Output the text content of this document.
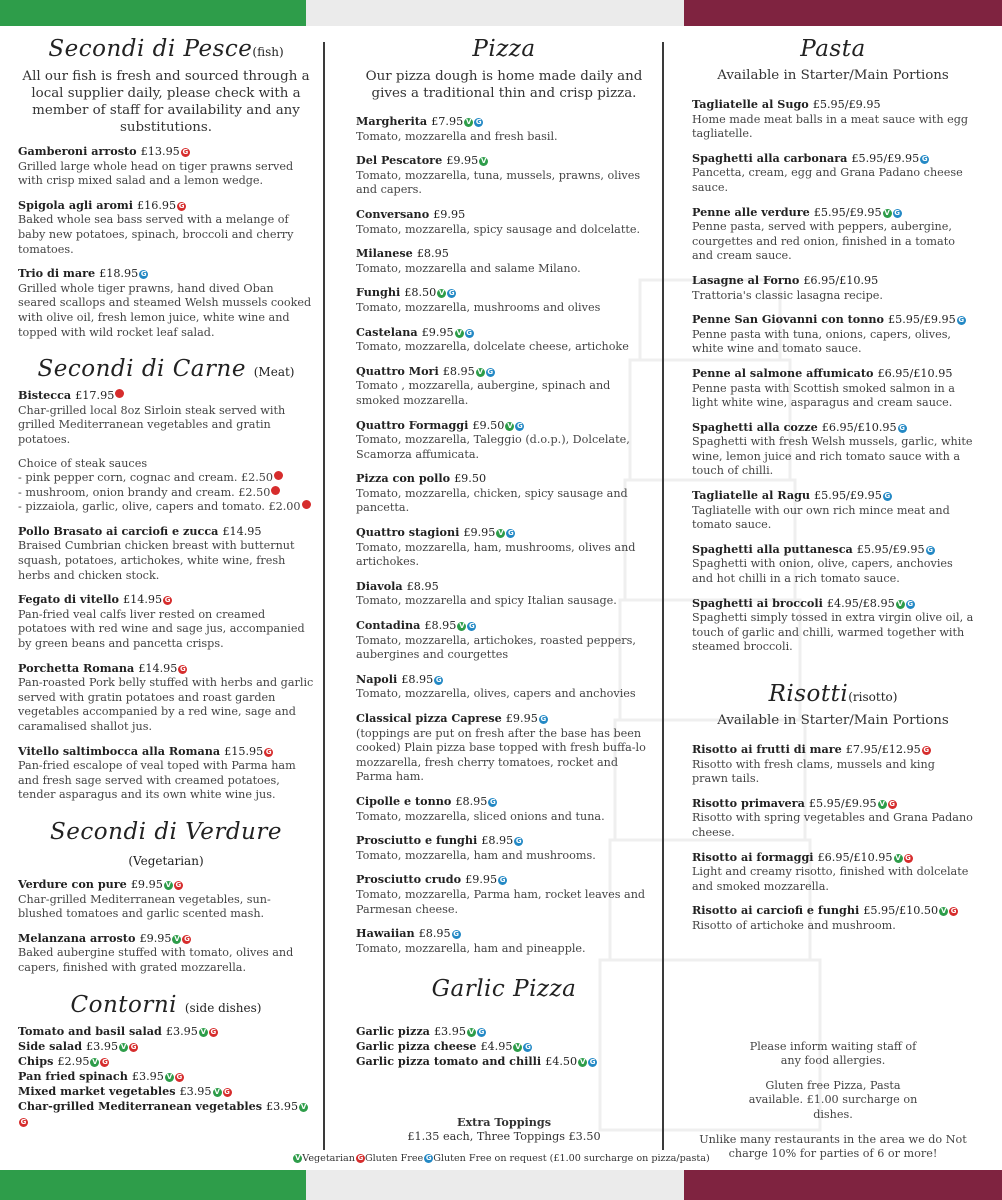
Secondi di Pesce(fish)
All our fish is fresh and sourced through a local supplier daily, please check with a member of staff for availability and any substitutions.
Gamberoni arrosto £13.95 G
Grilled large whole head on tiger prawns served with crisp mixed salad and a lemon wedge.
Spigola agli aromi £16.95 G
Baked whole sea bass served with a melange of baby new potatoes, spinach, broccoli and cherry tomatoes.
Trio di mare £18.95 G
Grilled whole tiger prawns, hand dived Oban seared scallops and steamed Welsh mussels cooked with olive oil, fresh lemon juice, white wine and topped with wild rocket leaf salad.
Secondi di Carne (Meat)
Bistecca £17.95
Char-grilled local 8oz Sirloin steak served with grilled Mediterranean vegetables and gratin potatoes.
Choice of steak sauces
- pink pepper corn, cognac and cream. £2.50
- mushroom, onion brandy and cream. £2.50
- pizzaiola, garlic, olive, capers and tomato. £2.00
Pollo Brasato ai carciofi e zucca £14.95
Braised Cumbrian chicken breast with butternut squash, potatoes, artichokes, white wine, fresh herbs and chicken stock.
Fegato di vitello £14.95 G
Pan-fried veal calfs liver rested on creamed potatoes with red wine and sage jus, accompanied by green beans and pancetta crisps.
Porchetta Romana £14.95 G
Pan-roasted Pork belly stuffed with herbs and garlic served with gratin potatoes and roast garden vegetables accompanied by a red wine, sage and caramalised shallot jus.
Vitello saltimbocca alla Romana £15.95 G
Pan-fried escalope of veal toped with Parma ham and fresh sage served with creamed potatoes, tender asparagus and its own white wine jus.
Secondi di Verdure (Vegetarian)
Verdure con pure £9.95 V G
Char-grilled Mediterranean vegetables, sun-blushed tomatoes and garlic scented mash.
Melanzana arrosto £9.95 V G
Baked aubergine stuffed with tomato, olives and capers, finished with grated mozzarella.
Contorni (side dishes)
Tomato and basil salad £3.95 V G
Side salad £3.95 V G
Chips £2.95 V G
Pan fried spinach £3.95 V G
Mixed market vegetables £3.95 V G
Char-grilled Mediterranean vegetables £3.95 VG
Pizza
Our pizza dough is home made daily and gives a traditional thin and crisp pizza.
Margherita £7.95 V G
Tomato, mozzarella and fresh basil.
Del Pescatore £9.95 V
Tomato, mozzarella, tuna, mussels, prawns, olives and capers.
Conversano £9.95
Tomato, mozzarella, spicy sausage and dolcelatte.
Milanese £8.95
Tomato, mozzarella and salame Milano.
Funghi £8.50 V G
Tomato, mozzarella, mushrooms and olives
Castelana £9.95 V G
Tomato, mozzarella, dolcelate cheese, artichoke
Quattro Mori £8.95 V G
Tomato , mozzarella, aubergine, spinach and smoked mozzarella.
Quattro Formaggi £9.50 V G
Tomato, mozzarella, Taleggio (d.o.p.), Dolcelate, Scamorza affumicata.
Pizza con pollo £9.50
Tomato, mozzarella, chicken, spicy sausage and pancetta.
Quattro stagioni £9.95 V G
Tomato, mozzarella, ham, mushrooms, olives and artichokes.
Diavola £8.95
Tomato, mozzarella and spicy Italian sausage.
Contadina £8.95 V G
Tomato, mozzarella, artichokes, roasted peppers, aubergines and courgettes
Napoli £8.95 G
Tomato, mozzarella, olives, capers and anchovies
Classical pizza Caprese £9.95 G
(toppings are put on fresh after the base has been cooked) Plain pizza base topped with fresh buffa-lo mozzarella, fresh cherry tomatoes, rocket and Parma ham.
Cipolle e tonno £8.95 G
Tomato, mozzarella, sliced onions and tuna.
Prosciutto e funghi £8.95 G
Tomato, mozzarella, ham and mushrooms.
Prosciutto crudo £9.95 G
Tomato, mozzarella, Parma ham, rocket leaves and Parmesan cheese.
Hawaiian £8.95 G
Tomato, mozzarella, ham and pineapple.
Garlic Pizza
Garlic pizza £3.95 V G
Garlic pizza cheese £4.95 V G
Garlic pizza tomato and chilli £4.50 V G
Extra Toppings
£1.35 each, Three Toppings £3.50
Pasta
Available in Starter/Main Portions
Tagliatelle al Sugo £5.95/£9.95
Home made meat balls in a meat sauce with egg tagliatelle.
Spaghetti alla carbonara £5.95/£9.95 G
Pancetta, cream, egg and Grana Padano cheese sauce.
Penne alle verdure £5.95/£9.95 V G
Penne pasta, served with peppers, aubergine, courgettes and red onion, finished in a tomato and cream sauce.
Lasagne al Forno £6.95/£10.95
Trattoria's classic lasagna recipe.
Penne San Giovanni con tonno £5.95/£9.95 G
Penne pasta with tuna, onions, capers, olives, white wine and tomato sauce.
Penne al salmone affumicato £6.95/£10.95
Penne pasta with Scottish smoked salmon in a light white wine, asparagus and cream sauce.
Spaghetti alla cozze £6.95/£10.95 G
Spaghetti with fresh Welsh mussels, garlic, white wine, lemon juice and rich tomato sauce with a touch of chilli.
Tagliatelle al Ragu £5.95/£9.95 G
Tagliatelle with our own rich mince meat and tomato sauce.
Spaghetti alla puttanesca £5.95/£9.95 G
Spaghetti with onion, olive, capers, anchovies and hot chilli in a rich tomato sauce.
Spaghetti ai broccoli £4.95/£8.95 V G
Spaghetti simply tossed in extra virgin olive oil, a touch of garlic and chilli, warmed together with steamed broccoli.
Risotti(risotto)
Available in Starter/Main Portions
Risotto ai frutti di mare £7.95/£12.95 G
Risotto with fresh clams, mussels and king prawn tails.
Risotto primavera £5.95/£9.95 V G
Risotto with spring vegetables and Grana Padano cheese.
Risotto ai formaggi £6.95/£10.95 V G
Light and creamy risotto, finished with dolcelate and smoked mozzarella.
Risotto ai carciofi e funghi £5.95/£10.50 V G
Risotto of artichoke and mushroom.
Please inform waiting staff of any food allergies.
Gluten free Pizza, Pasta available. £1.00 surcharge on dishes.
Unlike many restaurants in the area we do Not charge 10% for parties of 6 or more!
V Vegetarian G Gluten Free G Gluten Free on request (£1.00 surcharge on pizza/pasta)
